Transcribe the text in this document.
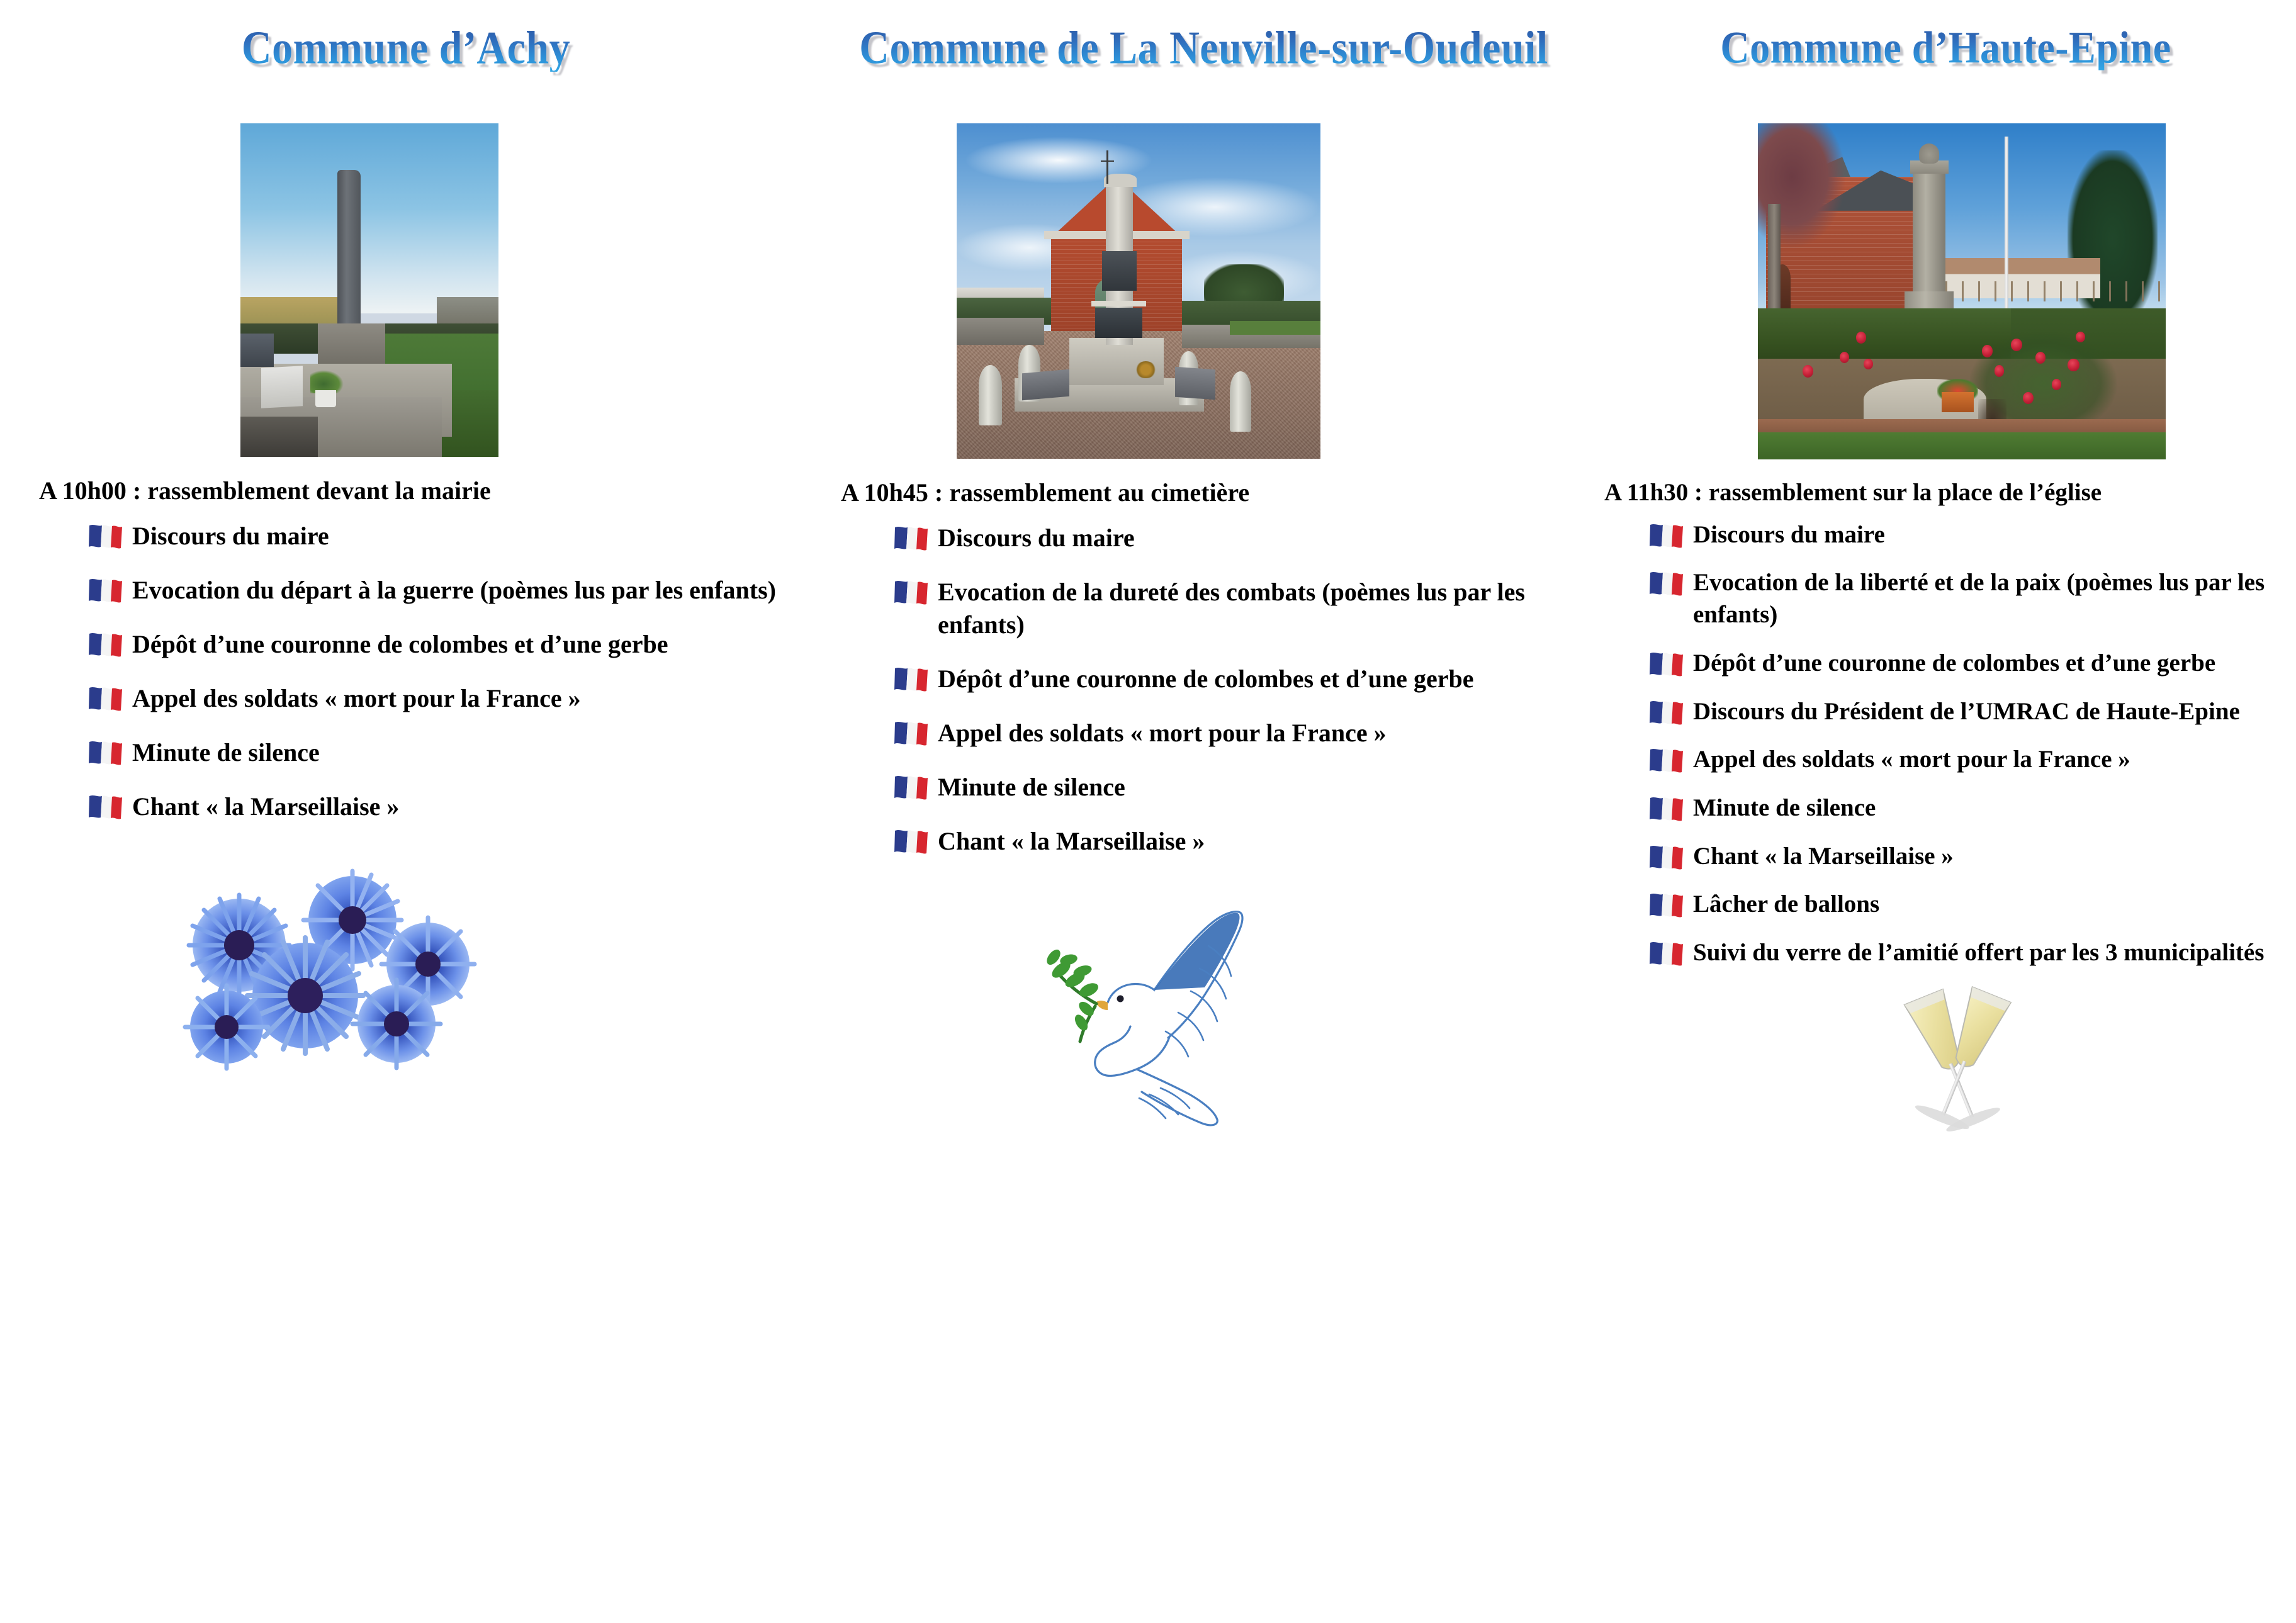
Commune d’Achy
A 10h00 : rassemblement devant la mairie
Discours du maire
Evocation du départ à la guerre (poèmes lus par les enfants)
Dépôt d’une couronne de colombes et d’une gerbe
Appel des soldats « mort pour la France »
Minute de silence
Chant « la Marseillaise »
Commune de La Neuville-sur-Oudeuil
A 10h45 : rassemblement au cimetière
Discours du maire
Evocation de la dureté des combats (poèmes lus par les enfants)
Dépôt d’une couronne de colombes et d’une gerbe
Appel des soldats « mort pour la France »
Minute de silence
Chant « la Marseillaise »
Commune d’Haute-Epine
A 11h30 : rassemblement sur la place de l’église
Discours du maire
Evocation de la liberté et de la paix (poèmes lus par les enfants)
Dépôt d’une couronne de colombes et d’une gerbe
Discours du Président de l’UMRAC de Haute-Epine
Appel des soldats « mort pour la France »
Minute de silence
Chant « la Marseillaise »
Lâcher de ballons
Suivi du verre de l’amitié offert par les 3 municipalités
